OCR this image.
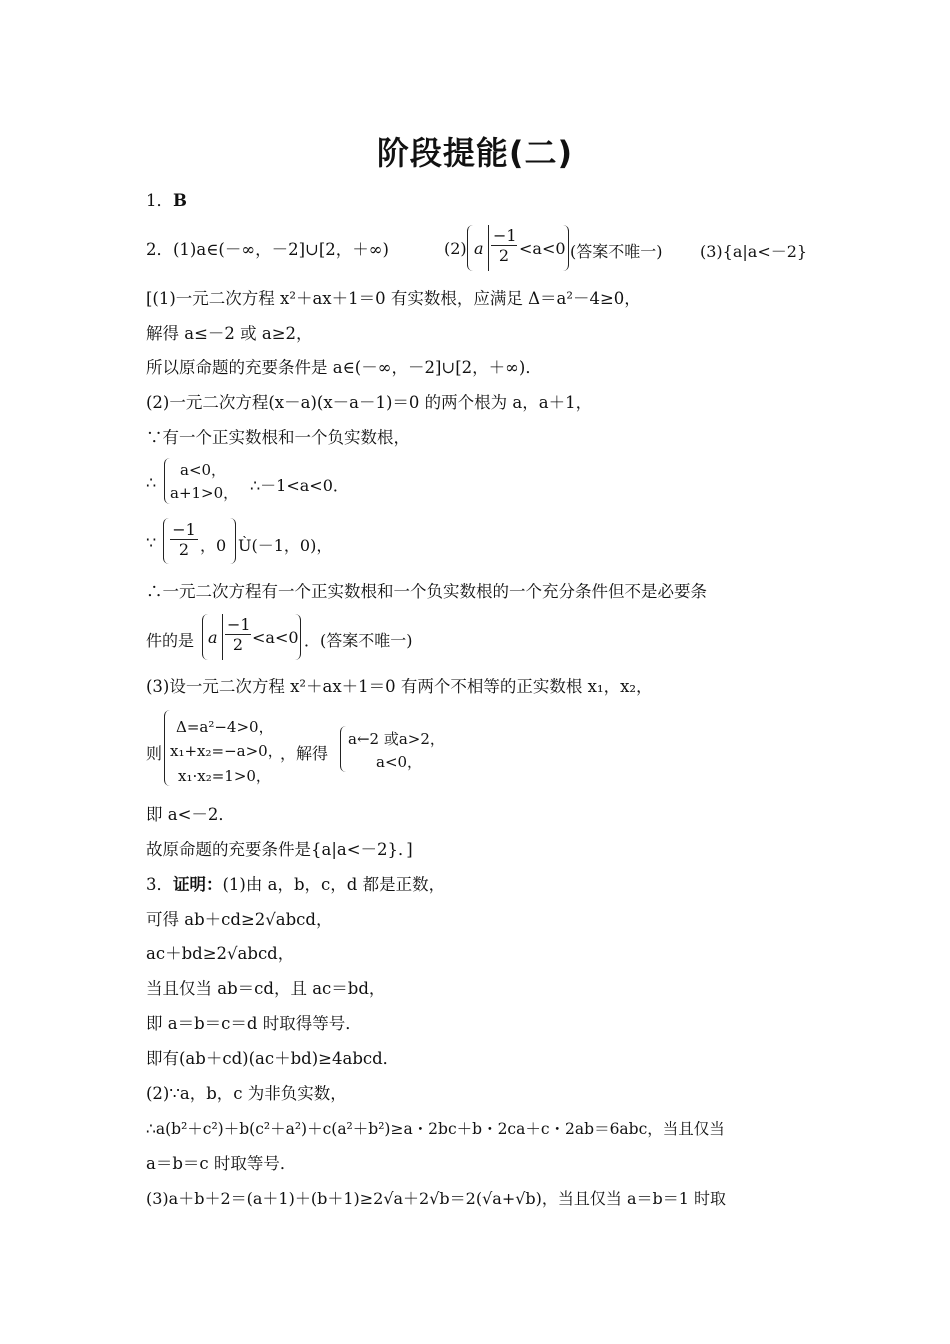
阶段提能(二)
1．B
2．(1)a∈(－∞，－2]∪[2，＋∞)	(2) a $\frac{-1}{2} <a<0$ (答案不唯一) (3){a|a<－2}
[(1)一元二次方程 x²＋ax＋1＝0 有实数根，应满足 Δ＝a²－4≥0，
解得 a≤－2 或 a≥2，
所以原命题的充要条件是 a∈(－∞，－2]∪[2，＋∞)．
(2)一元二次方程(x－a)(x－a－1)＝0 的两个根为 a，a＋1，
∵有一个正实数根和一个负实数根，
∴
a<0，
a+1>0， ∴－1<a<0．
∵ $\frac{-1}{2}$ ，0 Ù(－1，0)，
∴一元二次方程有一个正实数根和一个负实数根的一个充分条件但不是必要条
件的是 a $\frac{-1}{2} <a<0$ ．(答案不唯一)
(3)设一元二次方程 x²＋ax＋1＝0 有两个不相等的正实数根 x₁，x₂，
则
Δ=a²−4>0，
x₁+x₂=−a>0，
x₁·x₂=1>0，
，解得
a←2 或a>2，
a<0，
即 a<－2．
故原命题的充要条件是{a|a<－2}．]
3．证明：(1)由 a，b，c，d 都是正数，
可得 ab＋cd≥2√abcd，
ac＋bd≥2√abcd，
当且仅当 ab＝cd，且 ac＝bd，
即 a＝b＝c＝d 时取得等号．
即有(ab＋cd)(ac＋bd)≥4abcd．
(2)∵a，b，c 为非负实数，
∴a(b²＋c²)＋b(c²＋a²)＋c(a²＋b²)≥a・2bc＋b・2ca＋c・2ab＝6abc，当且仅当
a＝b＝c 时取等号．
(3)a＋b＋2＝(a＋1)＋(b＋1)≥2√a＋2√b＝2(√a+√b)，当且仅当 a＝b＝1 时取
